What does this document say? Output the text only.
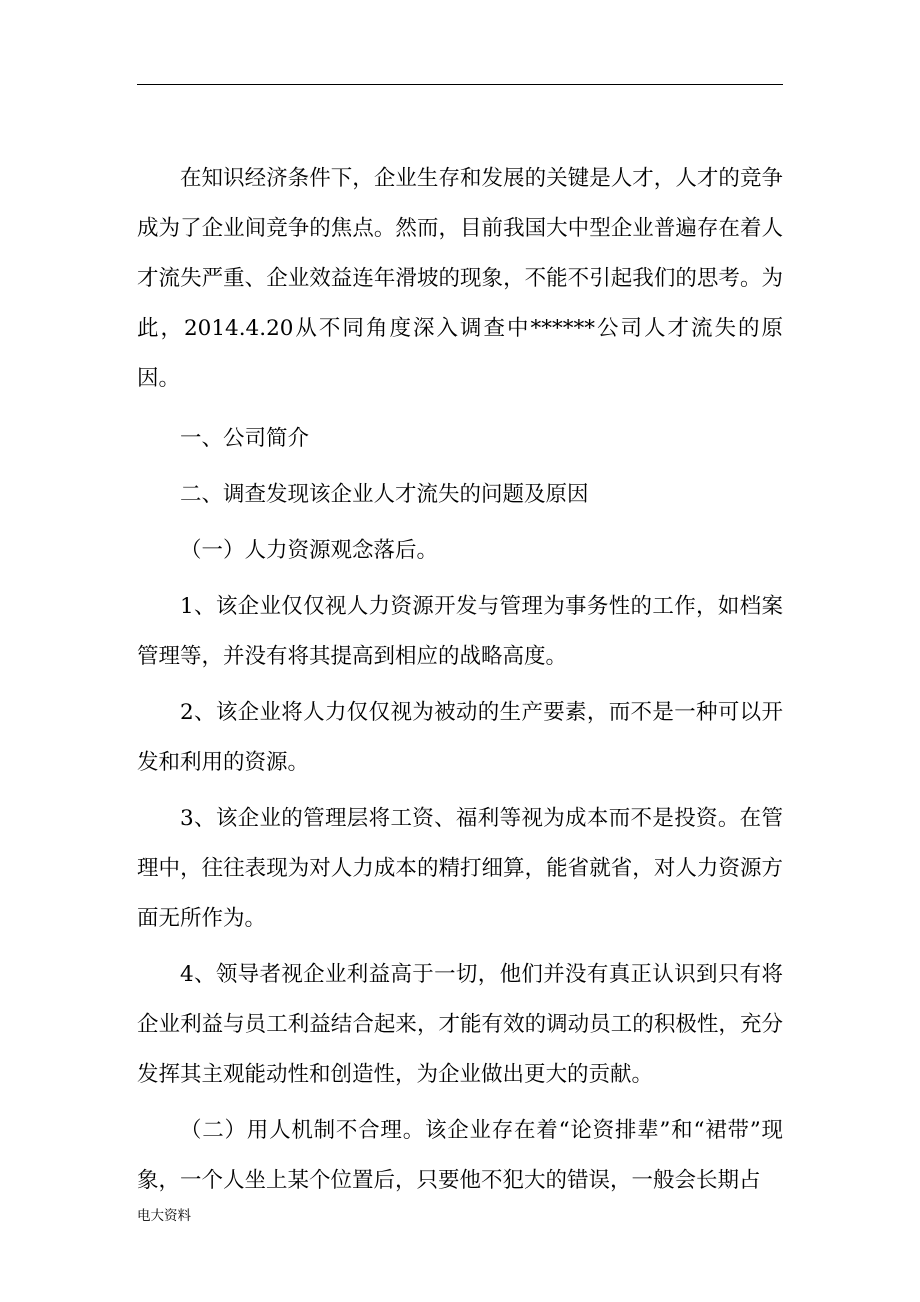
在知识经济条件下，企业生存和发展的关键是人才，人才的竞争成为了企业间竞争的焦点。然而，目前我国大中型企业普遍存在着人才流失严重、企业效益连年滑坡的现象，不能不引起我们的思考。为此，2014.4.20从不同角度深入调查中******公司人才流失的原因。

一、公司简介

二、调查发现该企业人才流失的问题及原因

（一）人力资源观念落后。

1、该企业仅仅视人力资源开发与管理为事务性的工作，如档案管理等，并没有将其提高到相应的战略高度。

2、该企业将人力仅仅视为被动的生产要素，而不是一种可以开发和利用的资源。

3、该企业的管理层将工资、福利等视为成本而不是投资。在管理中，往往表现为对人力成本的精打细算，能省就省，对人力资源方面无所作为。

4、领导者视企业利益高于一切，他们并没有真正认识到只有将企业利益与员工利益结合起来，才能有效的调动员工的积极性，充分发挥其主观能动性和创造性，为企业做出更大的贡献。

（二）用人机制不合理。该企业存在着“论资排辈”和“裙带”现象，一个人坐上某个位置后，只要他不犯大的错误，一般会长期占

电大资料
